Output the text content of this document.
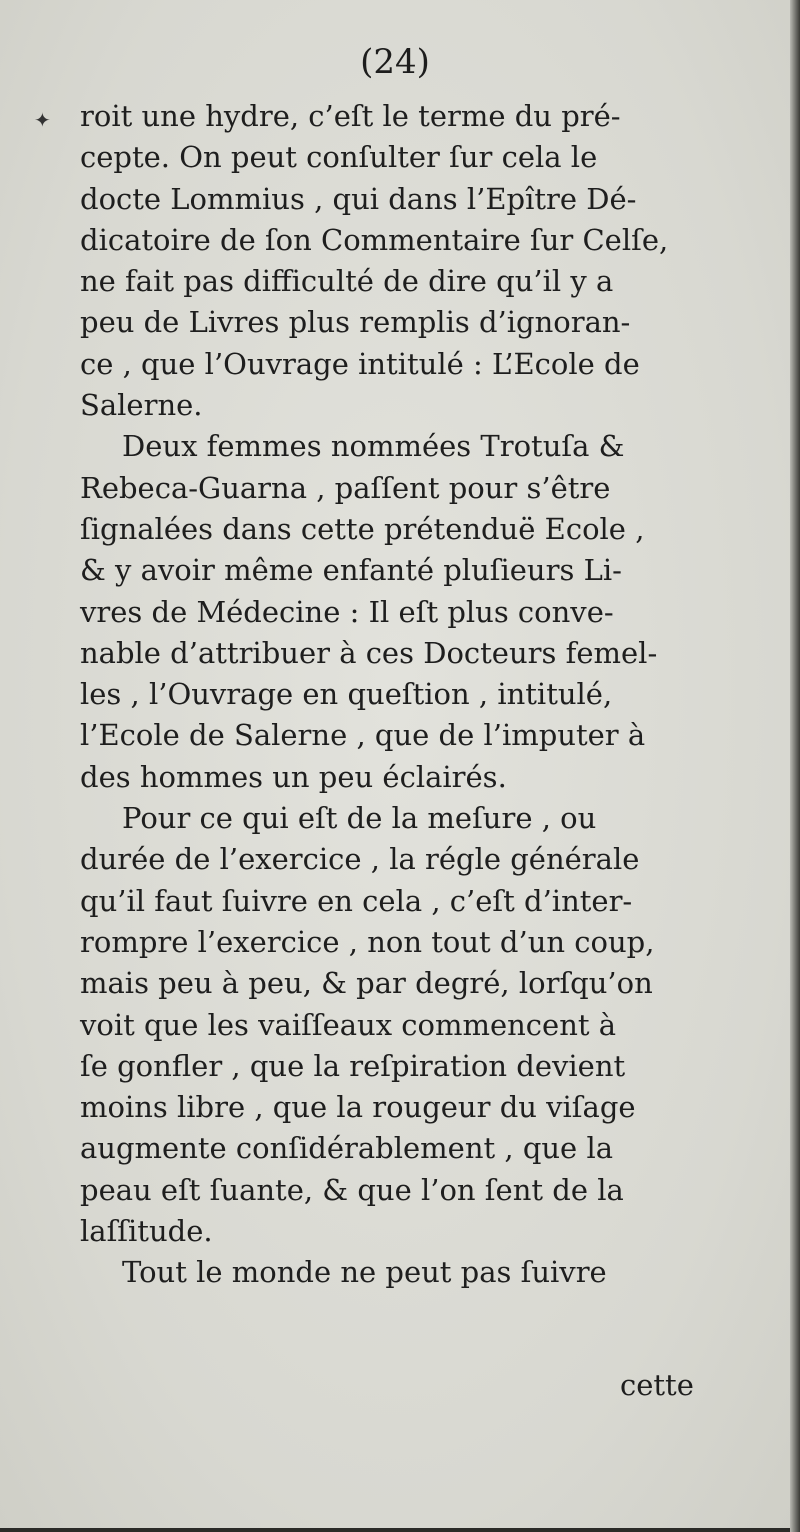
(24)
✦ roit une hydre, c’eſt le terme du pré-
cepte. On peut conſulter ſur cela le
docte Lommius , qui dans l’Epître Dé-
dicatoire de ſon Commentaire ſur Celſe,
ne fait pas difficulté de dire qu’il y a
peu de Livres plus remplis d’ignoran-
ce , que l’Ouvrage intitulé : L’Ecole de
Salerne.
Deux femmes nommées Trotuſa &
Rebeca-Guarna , paſſent pour s’être
ſignalées dans cette prétenduë Ecole ,
& y avoir même enfanté pluſieurs Li-
vres de Médecine : Il eſt plus conve-
nable d’attribuer à ces Docteurs femel-
les , l’Ouvrage en queſtion , intitulé,
l’Ecole de Salerne , que de l’imputer à
des hommes un peu éclairés.
Pour ce qui eſt de la meſure , ou
durée de l’exercice , la régle générale
qu’il faut ſuivre en cela , c’eſt d’inter-
rompre l’exercice , non tout d’un coup,
mais peu à peu, & par degré, lorſqu’on
voit que les vaiſſeaux commencent à
ſe gonfler , que la reſpiration devient
moins libre , que la rougeur du viſage
augmente conſidérablement , que la
peau eſt ſuante, & que l’on ſent de la
laſſitude.
Tout le monde ne peut pas ſuivre
cette
